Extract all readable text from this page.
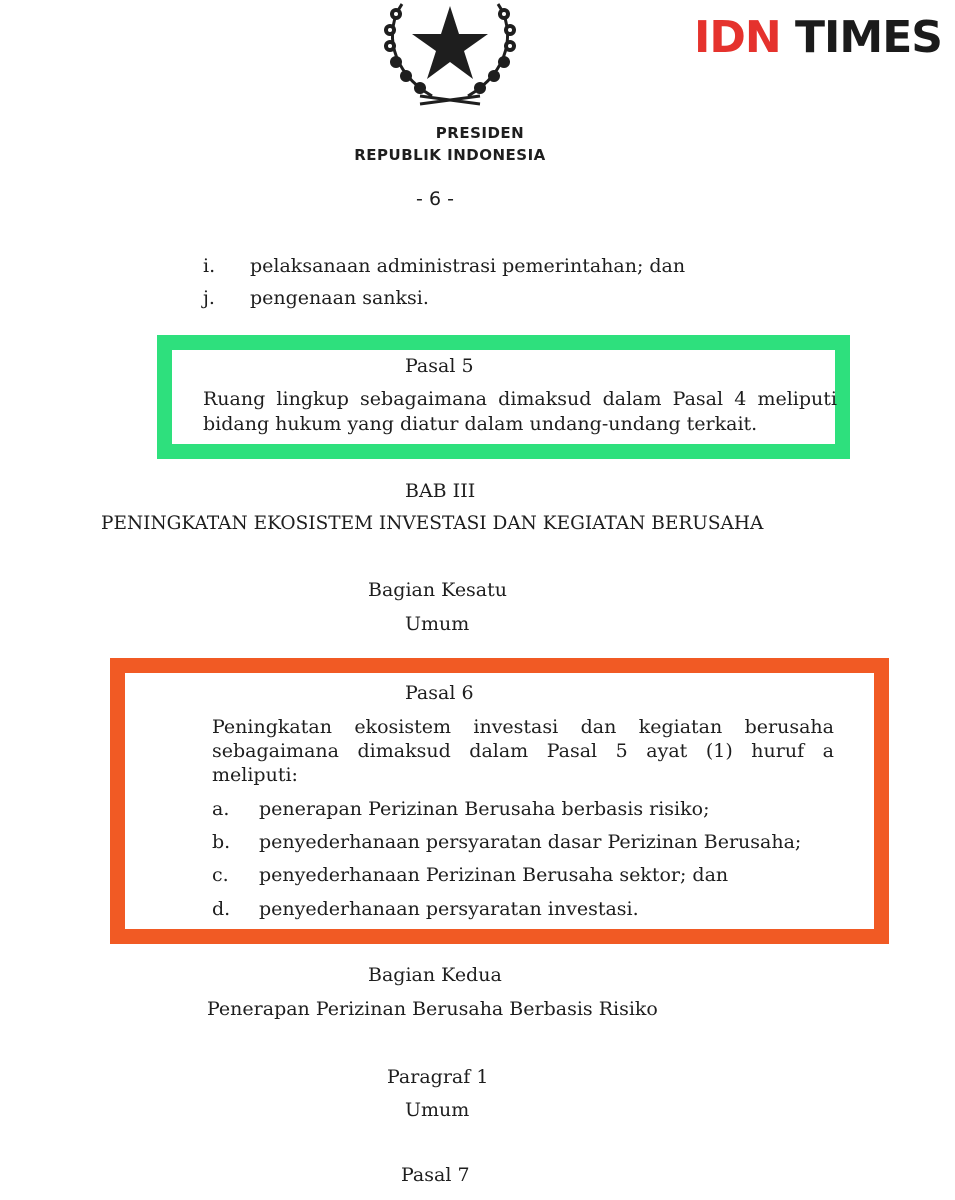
IDN TIMES
PRESIDEN
REPUBLIK INDONESIA
- 6 -
i.	pelaksanaan administrasi pemerintahan; dan
j.	pengenaan sanksi.
Pasal 5
Ruang lingkup sebagaimana dimaksud dalam Pasal 4 meliputi
bidang hukum yang diatur dalam undang-undang terkait.
BAB III
PENINGKATAN EKOSISTEM INVESTASI DAN KEGIATAN BERUSAHA
Bagian Kesatu
Umum
Pasal 6
Peningkatan ekosistem investasi dan kegiatan berusaha
sebagaimana dimaksud dalam Pasal 5 ayat (1) huruf a
meliputi:
a.	penerapan Perizinan Berusaha berbasis risiko;
b.	penyederhanaan persyaratan dasar Perizinan Berusaha;
c.	penyederhanaan Perizinan Berusaha sektor; dan
d.	penyederhanaan persyaratan investasi.
Bagian Kedua
Penerapan Perizinan Berusaha Berbasis Risiko
Paragraf 1
Umum
Pasal 7
